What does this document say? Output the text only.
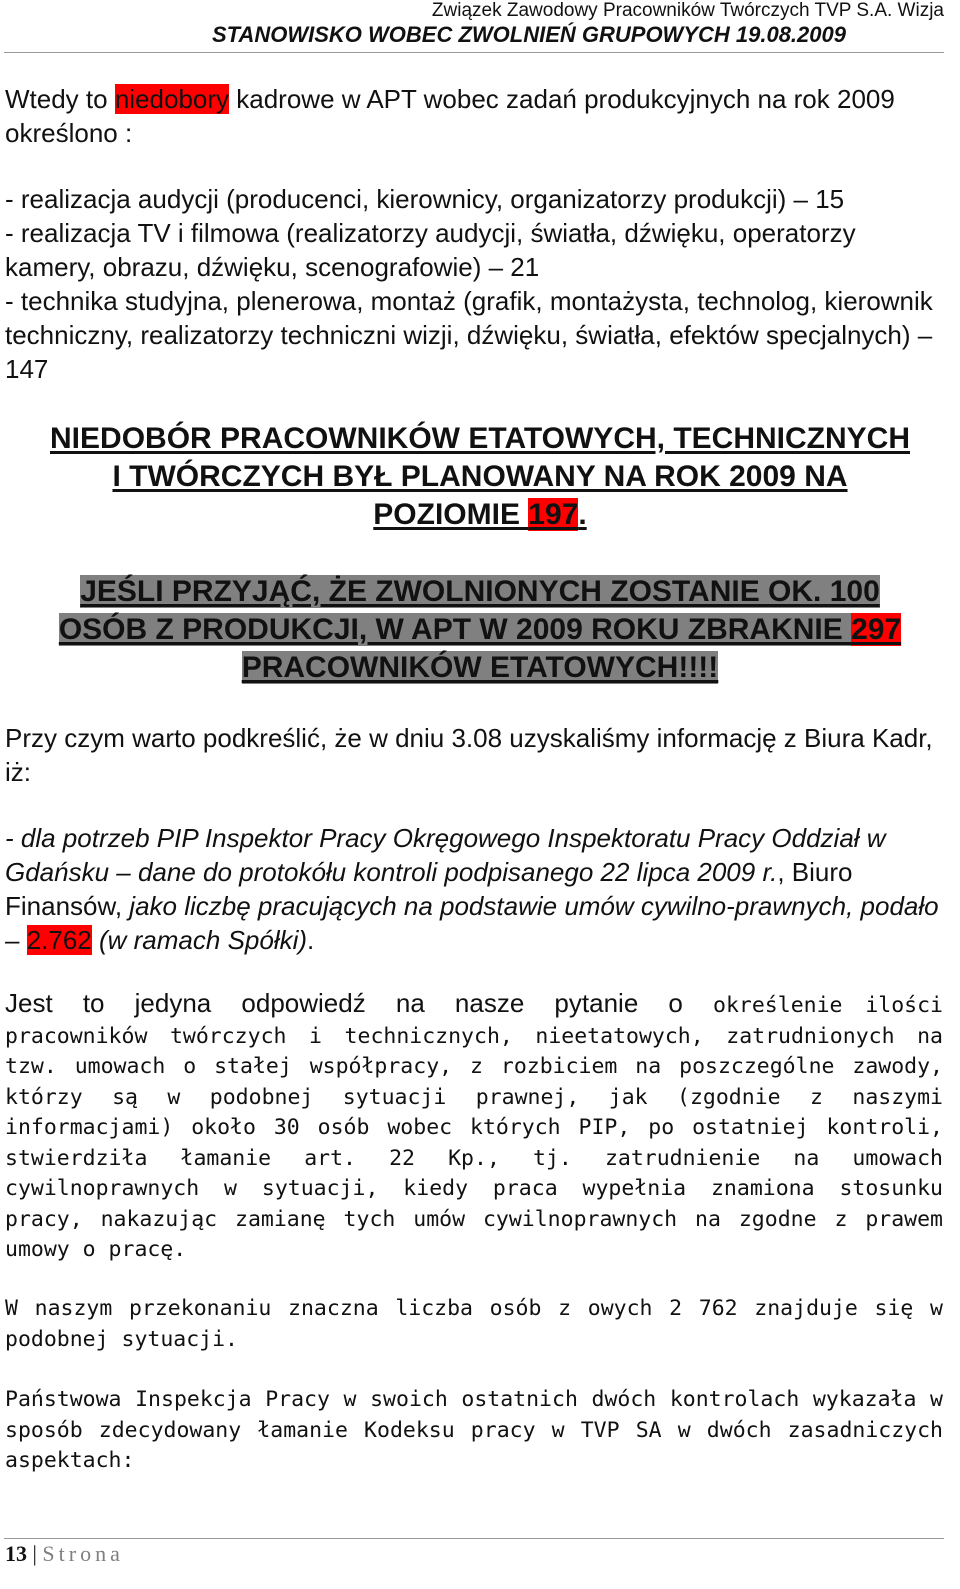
Związek Zawodowy Pracowników Twórczych TVP S.A. Wizja
STANOWISKO WOBEC ZWOLNIEŃ GRUPOWYCH 19.08.2009

Wtedy to niedobory kadrowe w APT wobec zadań produkcyjnych na rok 2009 określono :

- realizacja audycji (producenci, kierownicy, organizatorzy produkcji) – 15
- realizacja TV i filmowa (realizatorzy audycji, światła, dźwięku, operatorzy kamery, obrazu, dźwięku, scenografowie) – 21
- technika studyjna, plenerowa, montaż (grafik, montażysta, technolog, kierownik techniczny, realizatorzy techniczni wizji, dźwięku, światła, efektów specjalnych) – 147
NIEDOBÓR PRACOWNIKÓW ETATOWYCH, TECHNICZNYCH I TWÓRCZYCH BYŁ PLANOWANY NA ROK 2009 NA POZIOMIE 197.
JEŚLI PRZYJĄĆ, ŻE ZWOLNIONYCH ZOSTANIE OK. 100 OSÓB Z PRODUKCJI, W APT W 2009 ROKU ZBRAKNIE 297 PRACOWNIKÓW ETATOWYCH!!!!

Przy czym warto podkreślić, że w dniu 3.08 uzyskaliśmy informację z Biura Kadr, iż:

- dla potrzeb PIP Inspektor Pracy Okręgowego Inspektoratu Pracy Oddział w Gdańsku – dane do protokółu kontroli podpisanego 22 lipca 2009 r., Biuro Finansów, jako liczbę pracujących na podstawie umów cywilno-prawnych, podało – 2.762 (w ramach Spółki).

Jest to jedyna odpowiedź na nasze pytanie o określenie ilości pracowników twórczych i technicznych, nieetatowych, zatrudnionych na tzw. umowach o stałej współpracy, z rozbiciem na poszczególne zawody, którzy są w podobnej sytuacji prawnej, jak (zgodnie z naszymi informacjami) około 30 osób wobec których PIP, po ostatniej kontroli, stwierdziła łamanie art. 22 Kp., tj. zatrudnienie na umowach cywilnoprawnych w sytuacji, kiedy praca wypełnia znamiona stosunku pracy, nakazując zamianę tych umów cywilnoprawnych na zgodne z prawem umowy o pracę.

W naszym przekonaniu znaczna liczba osób z owych 2 762 znajduje się w podobnej sytuacji.

Państwowa Inspekcja Pracy w swoich ostatnich dwóch kontrolach wykazała w sposób zdecydowany łamanie Kodeksu pracy w TVP SA w dwóch zasadniczych aspektach:

13 | Strona
